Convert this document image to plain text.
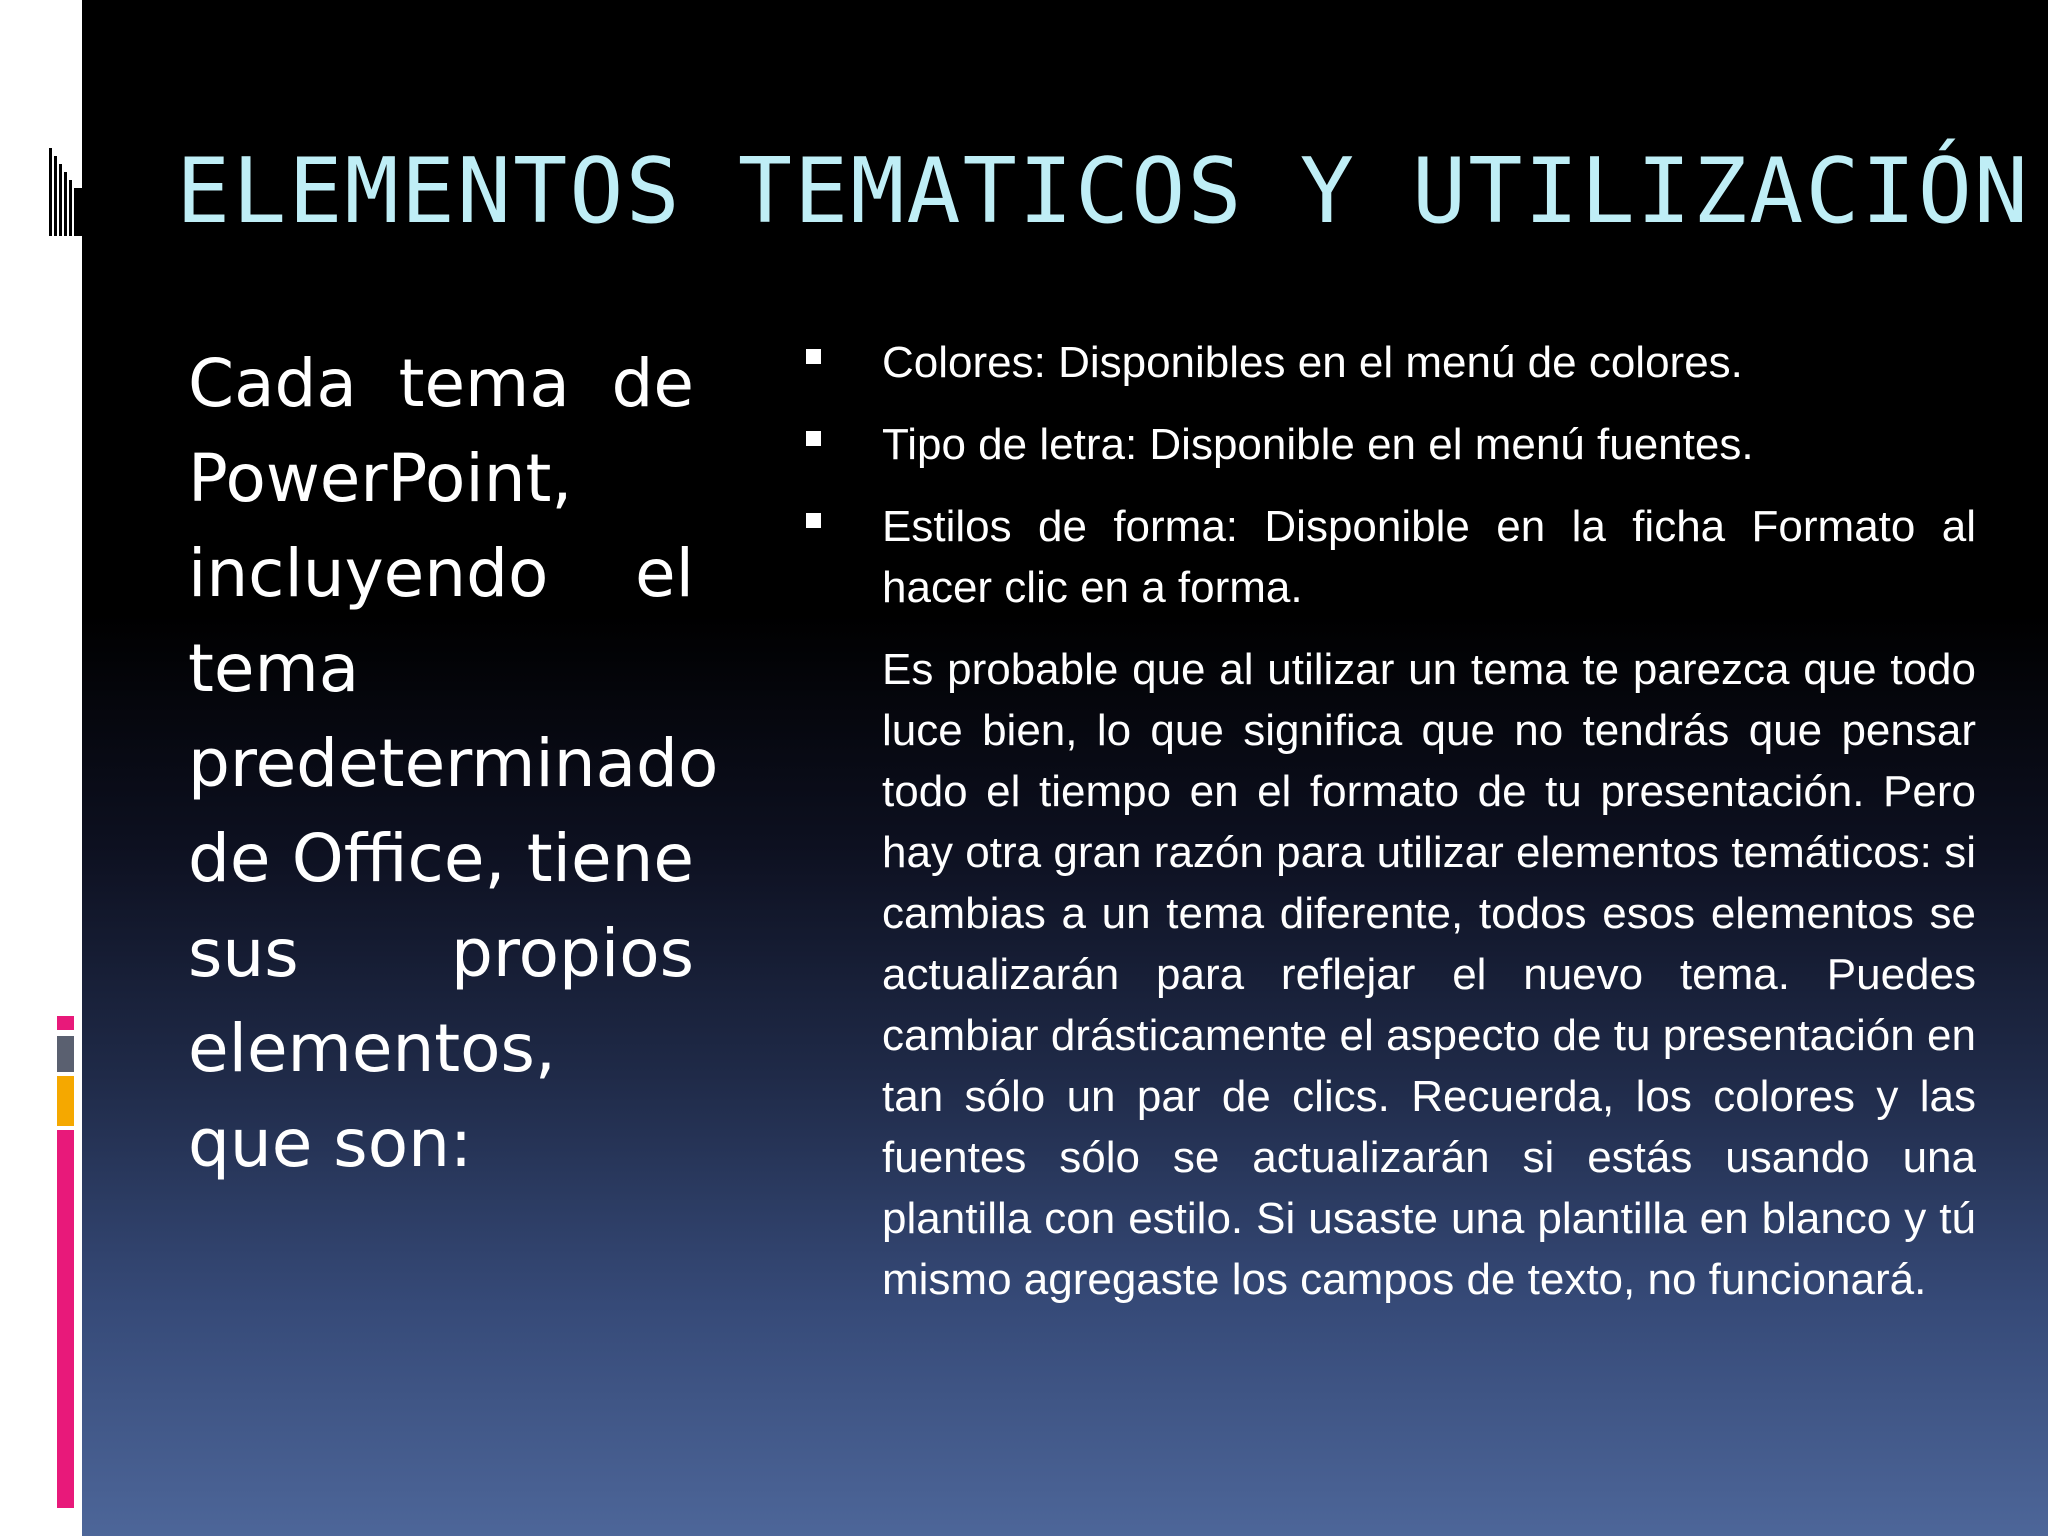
ELEMENTOS TEMATICOS Y UTILIZACIÓN
Cada tema de PowerPoint, incluyendo el tema predeterminado de Office, tiene sus propios elementos, que son:
Colores: Disponibles en el menú de colores.
Tipo de letra: Disponible en el menú fuentes.
Estilos de forma: Disponible en la ficha Formato al hacer clic en a forma.
Es probable que al utilizar un tema te parezca que todo luce bien, lo que significa que no tendrás que pensar todo el tiempo en el formato de tu presentación. Pero hay otra gran razón para utilizar elementos temáticos: si cambias a un tema diferente, todos esos elementos se actualizarán para reflejar el nuevo tema. Puedes cambiar drásticamente el aspecto de tu presentación en tan sólo un par de clics. Recuerda, los colores y las fuentes sólo se actualizarán si estás usando una plantilla con estilo. Si usaste una plantilla en blanco y tú mismo agregaste los campos de texto, no funcionará.
